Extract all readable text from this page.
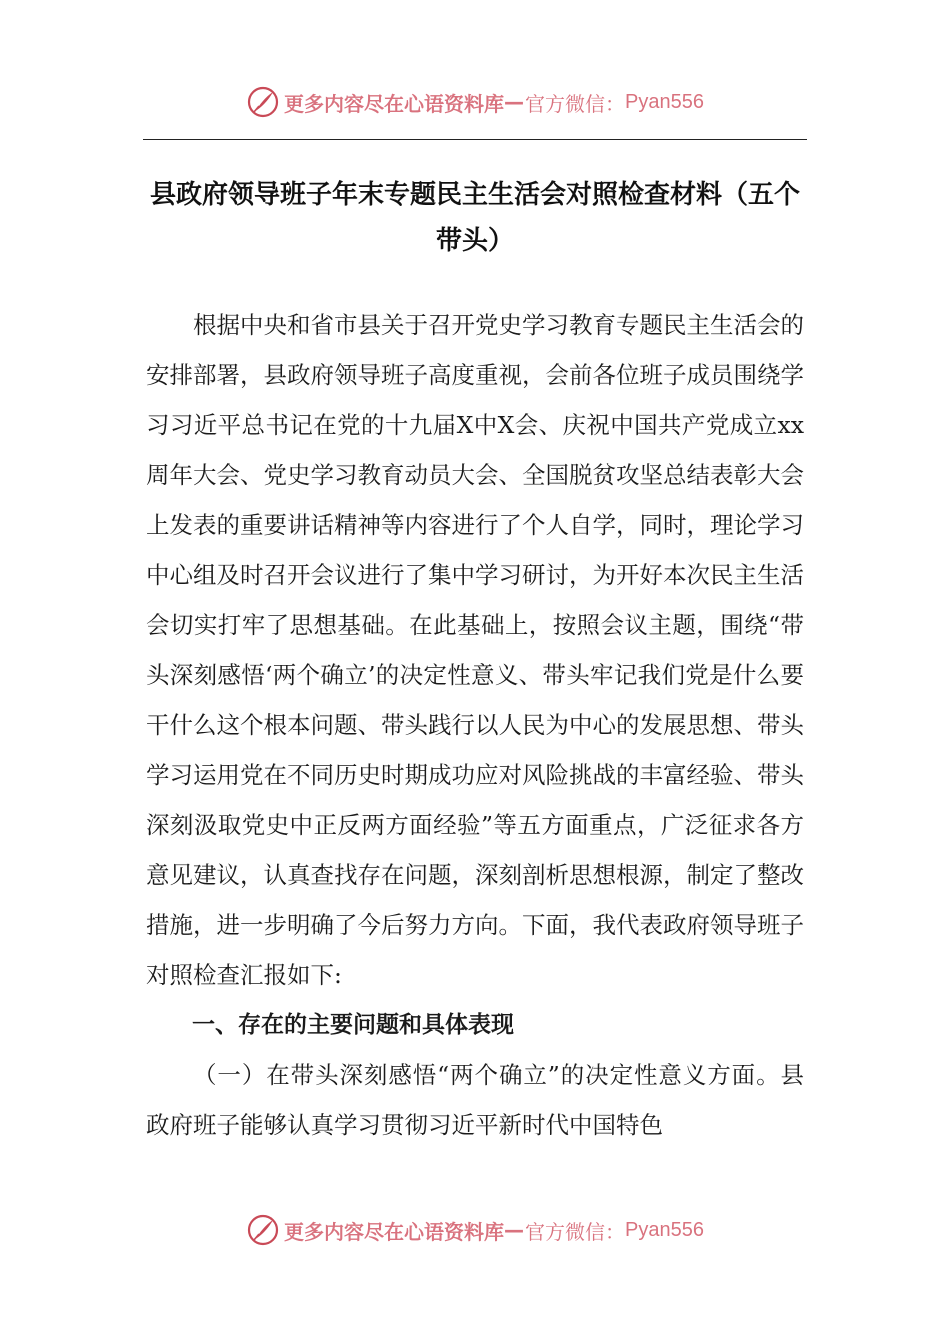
更多内容尽在心语资料库 — 官方微信： Pyan556
县政府领导班子年末专题民主生活会对照检查材料（五个带头）

根据中央和省市县关于召开党史学习教育专题民主生活会的安排部署，县政府领导班子高度重视，会前各位班子成员围绕学习习近平总书记在党的十九届X中X会、庆祝中国共产党成立xx周年大会、党史学习教育动员大会、全国脱贫攻坚总结表彰大会上发表的重要讲话精神等内容进行了个人自学，同时，理论学习中心组及时召开会议进行了集中学习研讨，为开好本次民主生活会切实打牢了思想基础。在此基础上，按照会议主题，围绕“带头深刻感悟‘两个确立’的决定性意义、带头牢记我们党是什么要干什么这个根本问题、带头践行以人民为中心的发展思想、带头学习运用党在不同历史时期成功应对风险挑战的丰富经验、带头深刻汲取党史中正反两方面经验”等五方面重点，广泛征求各方意见建议，认真查找存在问题，深刻剖析思想根源，制定了整改措施，进一步明确了今后努力方向。下面，我代表政府领导班子对照检查汇报如下:

一、存在的主要问题和具体表现

（一）在带头深刻感悟“两个确立”的决定性意义方面。县政府班子能够认真学习贯彻习近平新时代中国特色

更多内容尽在心语资料库 — 官方微信： Pyan556
